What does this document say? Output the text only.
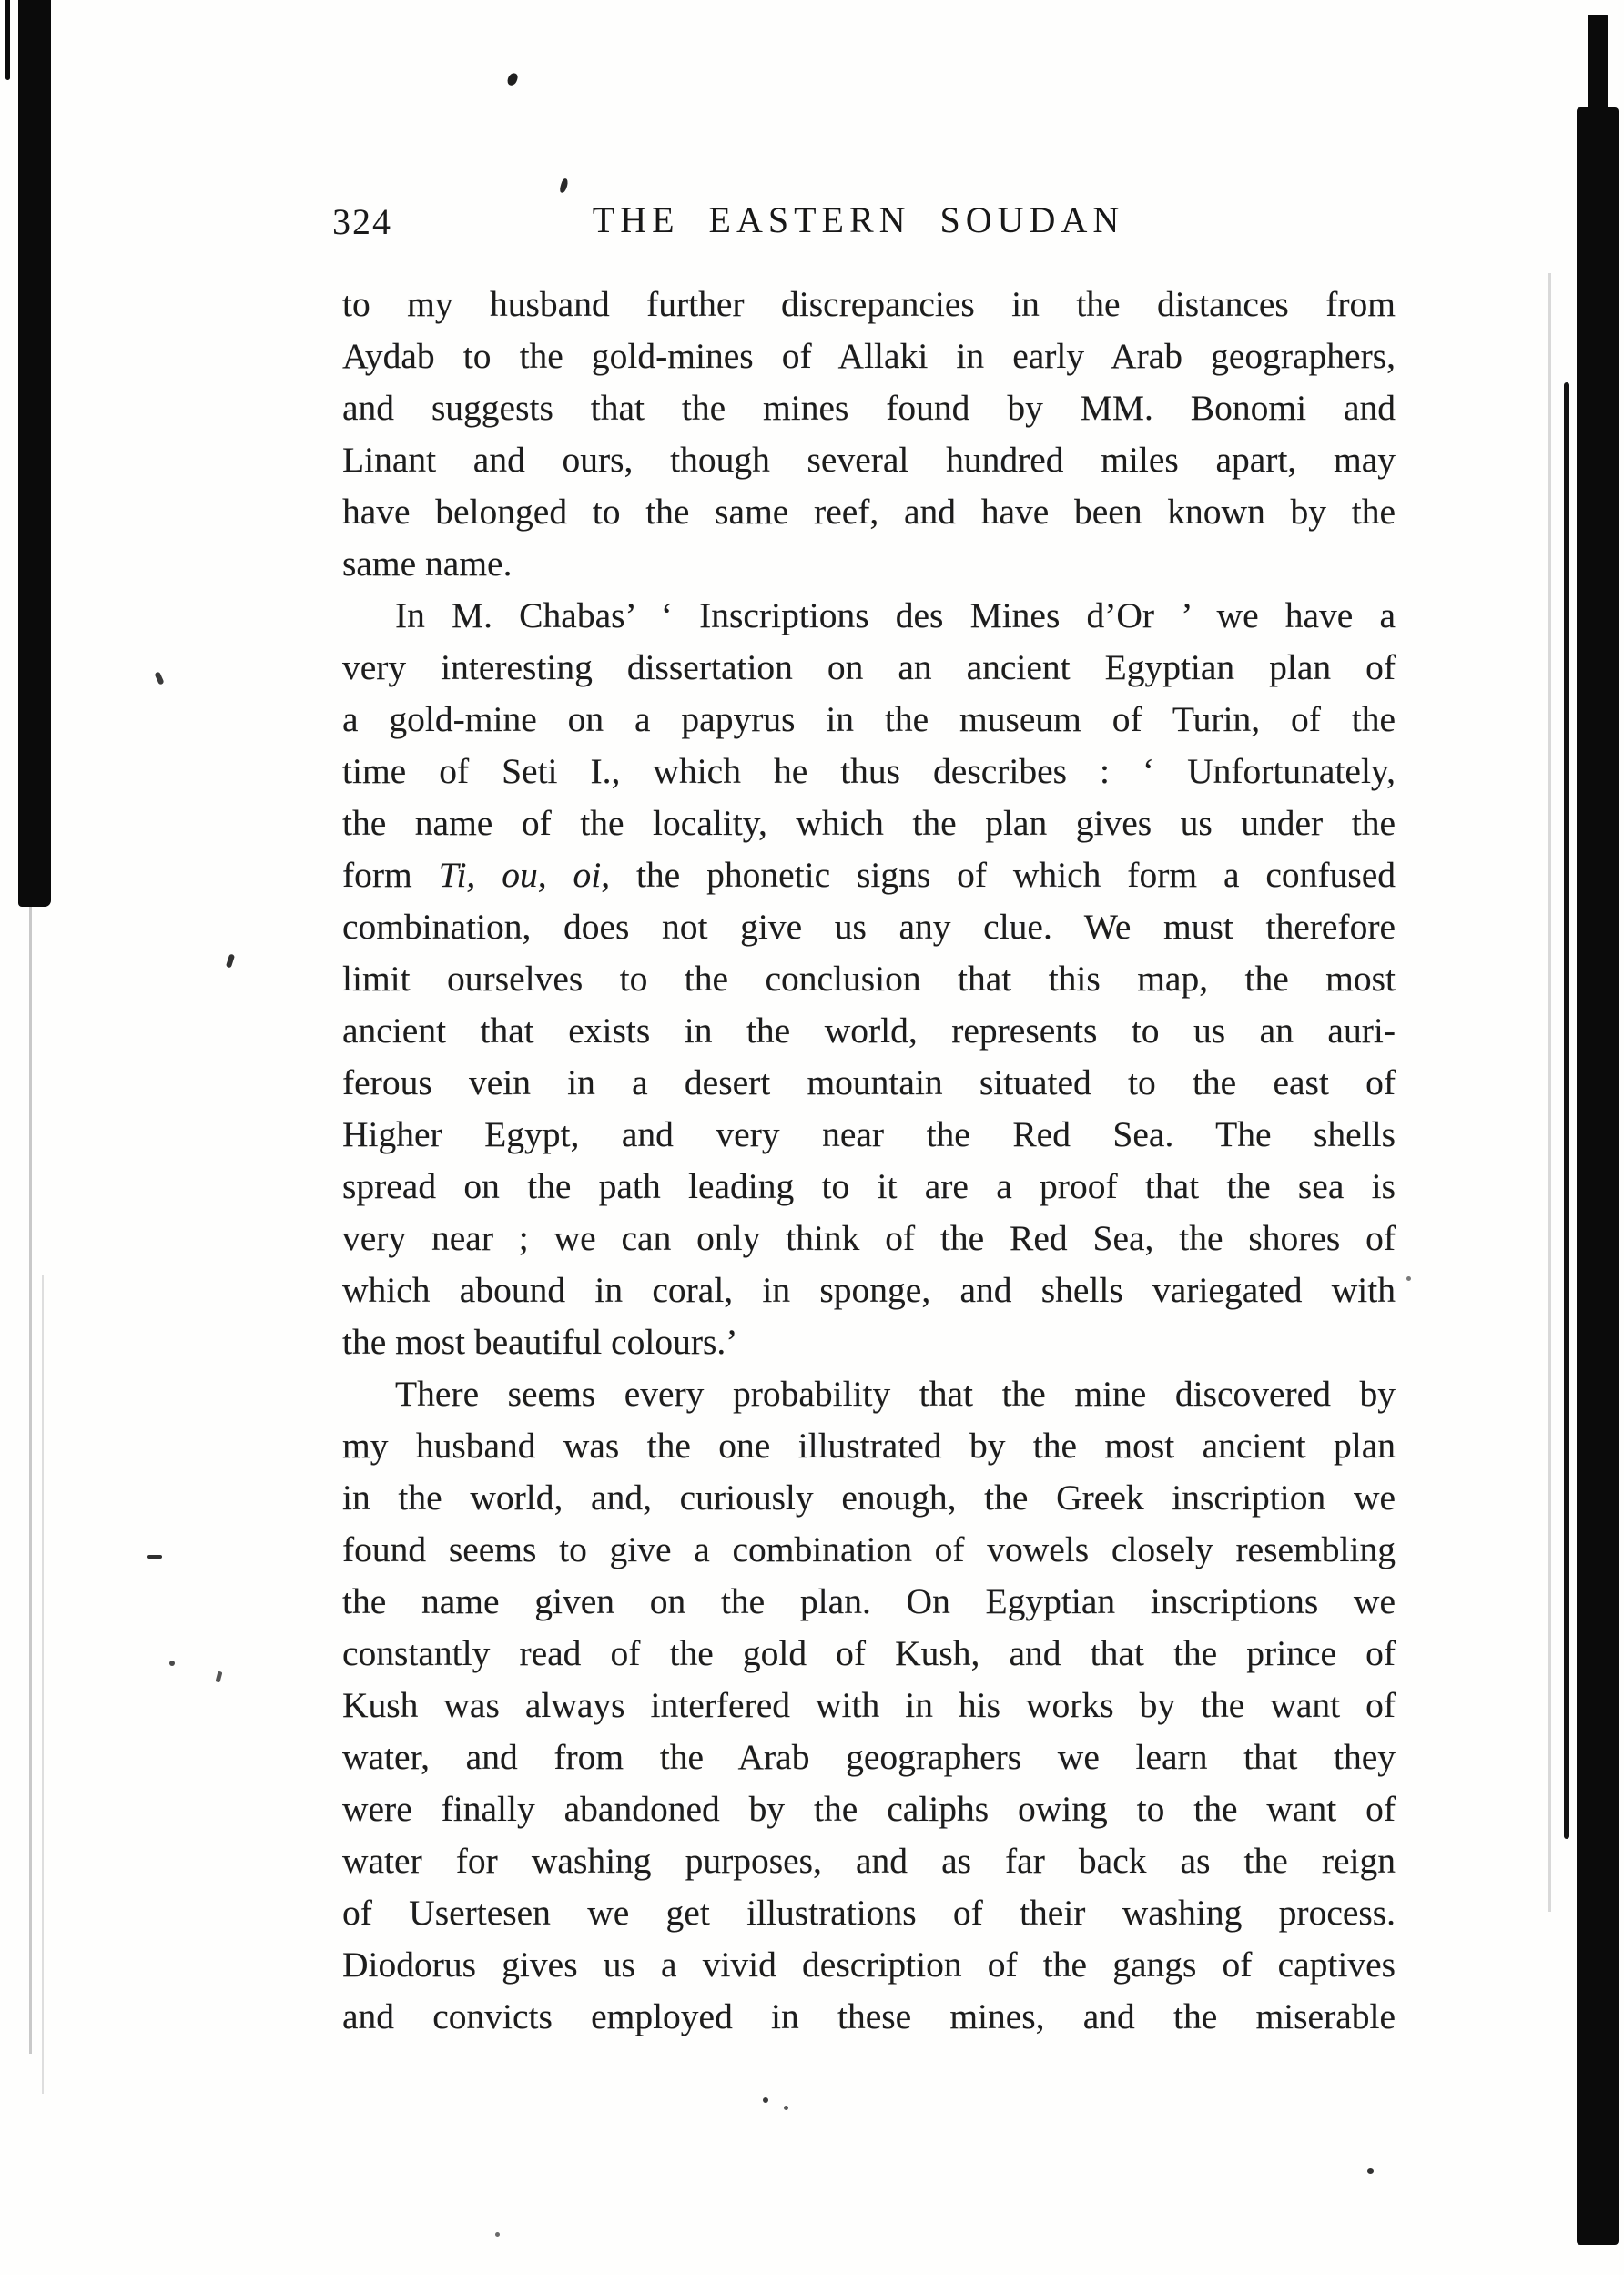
324	THE EASTERN SOUDAN
to my husband further discrepancies in the distances from
Aydab to the gold-mines of Allaki in early Arab geographers,
and suggests that the mines found by MM. Bonomi and
Linant and ours, though several hundred miles apart, may
have belonged to the same reef, and have been known by the
same name.
In M. Chabas’ ‘ Inscriptions des Mines d’Or ’ we have a
very interesting dissertation on an ancient Egyptian plan of
a gold-mine on a papyrus in the museum of Turin, of the
time of Seti I., which he thus describes : ‘ Unfortunately,
the name of the locality, which the plan gives us under the
form Ti, ou, oi, the phonetic signs of which form a confused
combination, does not give us any clue. We must therefore
limit ourselves to the conclusion that this map, the most
ancient that exists in the world, represents to us an auri-
ferous vein in a desert mountain situated to the east of
Higher Egypt, and very near the Red Sea. The shells
spread on the path leading to it are a proof that the sea is
very near ; we can only think of the Red Sea, the shores of
which abound in coral, in sponge, and shells variegated with
the most beautiful colours.’
There seems every probability that the mine discovered by
my husband was the one illustrated by the most ancient plan
in the world, and, curiously enough, the Greek inscription we
found seems to give a combination of vowels closely resembling
the name given on the plan. On Egyptian inscriptions we
constantly read of the gold of Kush, and that the prince of
Kush was always interfered with in his works by the want of
water, and from the Arab geographers we learn that they
were finally abandoned by the caliphs owing to the want of
water for washing purposes, and as far back as the reign
of Usertesen we get illustrations of their washing process.
Diodorus gives us a vivid description of the gangs of captives
and convicts employed in these mines, and the miserable
